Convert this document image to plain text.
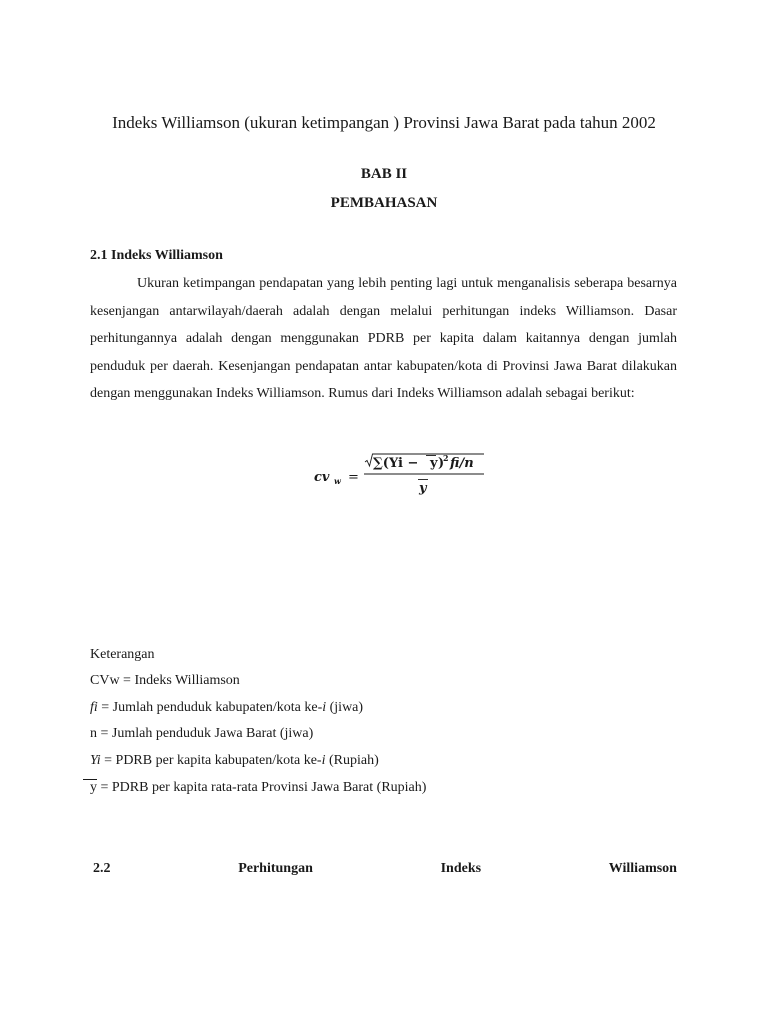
Indeks Williamson (ukuran ketimpangan ) Provinsi Jawa Barat pada tahun 2002
BAB II
PEMBAHASAN
2.1 Indeks Williamson
Ukuran ketimpangan pendapatan yang lebih penting lagi untuk menganalisis seberapa besarnya kesenjangan antarwilayah/daerah adalah dengan melalui perhitungan indeks Williamson. Dasar perhitungannya adalah dengan menggunakan PDRB per kapita dalam kaitannya dengan jumlah penduduk per daerah. Kesenjangan pendapatan antar kabupaten/kota di Provinsi Jawa Barat dilakukan dengan menggunakan Indeks Williamson. Rumus dari Indeks Williamson adalah sebagai berikut:
cv w =
∑(Yi − y )
2 fi/n
y
Keterangan
CVw = Indeks Williamson
fi = Jumlah penduduk kabupaten/kota ke-i (jiwa)
n = Jumlah penduduk Jawa Barat (jiwa)
Yi = PDRB per kapita kabupaten/kota ke-i (Rupiah)
y = PDRB per kapita rata-rata Provinsi Jawa Barat (Rupiah)
2.2	Perhitungan	Indeks	Williamson
